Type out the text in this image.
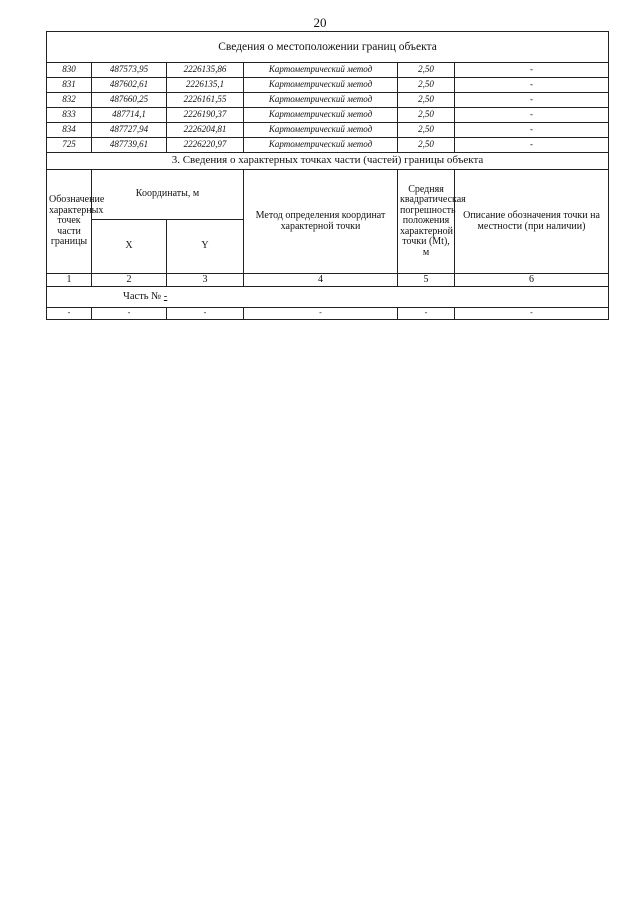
20
Сведения о местоположении границ объекта					
830	487573,95	2226135,86	Картометрический метод	2,50	-
831	487602,61	2226135,1	Картометрический метод	2,50	-
832	487660,25	2226161,55	Картометрический метод	2,50	-
833	487714,1	2226190,37	Картометрический метод	2,50	-
834	487727,94	2226204,81	Картометрический метод	2,50	-
725	487739,61	2226220,97	Картометрический метод	2,50	-
3. Сведения о характерных точках части (частей) границы объекта					
Обозначение характерных точек части границы	Координаты, м		Метод определения координат характерной точки	Средняя квадратическая погрешность положения характерной точки (Mt), м	Описание обозначения точки на местности (при наличии)
	X	Y			
1	2	3	4	5	6
Часть № -					
-	-	-	-	-	-
